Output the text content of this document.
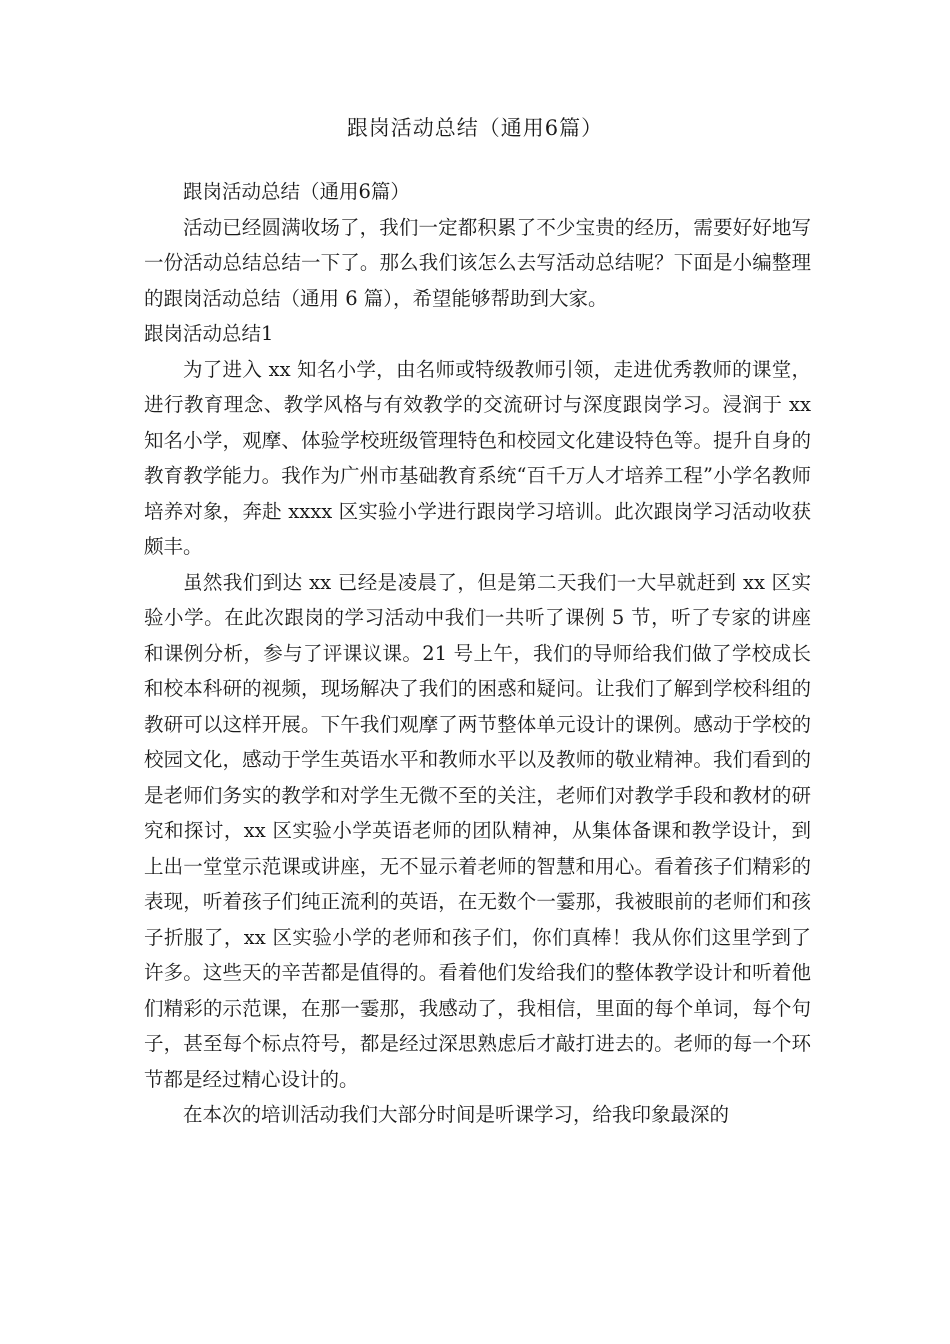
跟岗活动总结（通用6篇）

跟岗活动总结（通用6篇）

活动已经圆满收场了，我们一定都积累了不少宝贵的经历，需要好好地写一份活动总结总结一下了。那么我们该怎么去写活动总结呢？下面是小编整理的跟岗活动总结（通用 6 篇），希望能够帮助到大家。

跟岗活动总结1

为了进入 xx 知名小学，由名师或特级教师引领，走进优秀教师的课堂，进行教育理念、教学风格与有效教学的交流研讨与深度跟岗学习。浸润于 xx 知名小学，观摩、体验学校班级管理特色和校园文化建设特色等。提升自身的教育教学能力。我作为广州市基础教育系统“百千万人才培养工程”小学名教师培养对象，奔赴 xxxx 区实验小学进行跟岗学习培训。此次跟岗学习活动收获颇丰。

虽然我们到达 xx 已经是凌晨了，但是第二天我们一大早就赶到 xx 区实验小学。在此次跟岗的学习活动中我们一共听了课例 5 节，听了专家的讲座和课例分析，参与了评课议课。21 号上午，我们的导师给我们做了学校成长和校本科研的视频，现场解决了我们的困惑和疑问。让我们了解到学校科组的教研可以这样开展。下午我们观摩了两节整体单元设计的课例。感动于学校的校园文化，感动于学生英语水平和教师水平以及教师的敬业精神。我们看到的是老师们务实的教学和对学生无微不至的关注，老师们对教学手段和教材的研究和探讨，xx 区实验小学英语老师的团队精神，从集体备课和教学设计，到上出一堂堂示范课或讲座，无不显示着老师的智慧和用心。看着孩子们精彩的表现，听着孩子们纯正流利的英语，在无数个一霎那，我被眼前的老师们和孩子折服了，xx 区实验小学的老师和孩子们，你们真棒！我从你们这里学到了许多。这些天的辛苦都是值得的。看着他们发给我们的整体教学设计和听着他们精彩的示范课，在那一霎那，我感动了，我相信，里面的每个单词，每个句子，甚至每个标点符号，都是经过深思熟虑后才敲打进去的。老师的每一个环节都是经过精心设计的。

在本次的培训活动我们大部分时间是听课学习，给我印象最深的
